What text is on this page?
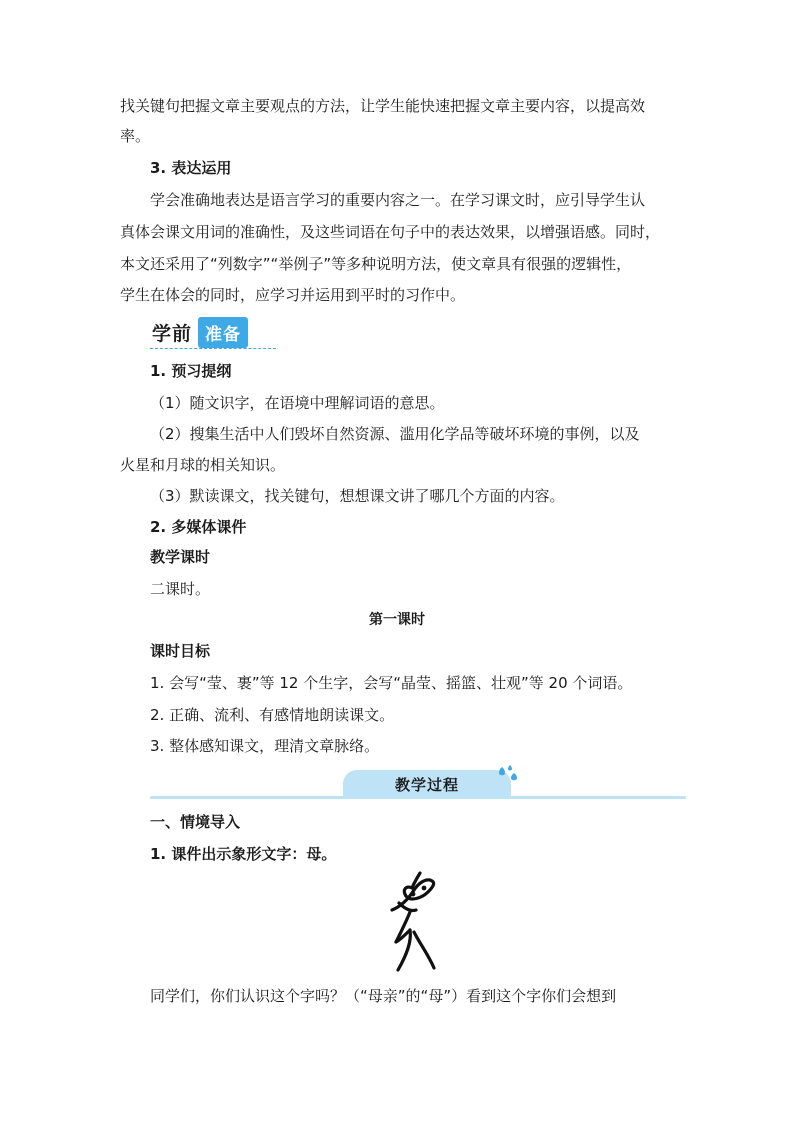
找关键句把握文章主要观点的方法，让学生能快速把握文章主要内容，以提高效
率。
3. 表达运用
学会准确地表达是语言学习的重要内容之一。在学习课文时，应引导学生认
真体会课文用词的准确性，及这些词语在句子中的表达效果，以增强语感。同时，
本文还采用了“列数字”“举例子”等多种说明方法，使文章具有很强的逻辑性，
学生在体会的同时，应学习并运用到平时的习作中。
学前 准备
1. 预习提纲
（1）随文识字，在语境中理解词语的意思。
（2）搜集生活中人们毁坏自然资源、滥用化学品等破坏环境的事例，以及
火星和月球的相关知识。
（3）默读课文，找关键句，想想课文讲了哪几个方面的内容。
2. 多媒体课件
教学课时
二课时。
第一课时
课时目标
1. 会写“莹、裹”等 12 个生字，会写“晶莹、摇篮、壮观”等 20 个词语。
2. 正确、流利、有感情地朗读课文。
3. 整体感知课文，理清文章脉络。
教学过程
一、情境导入
1. 课件出示象形文字：母。
同学们，你们认识这个字吗？（“母亲”的“母”）看到这个字你们会想到
